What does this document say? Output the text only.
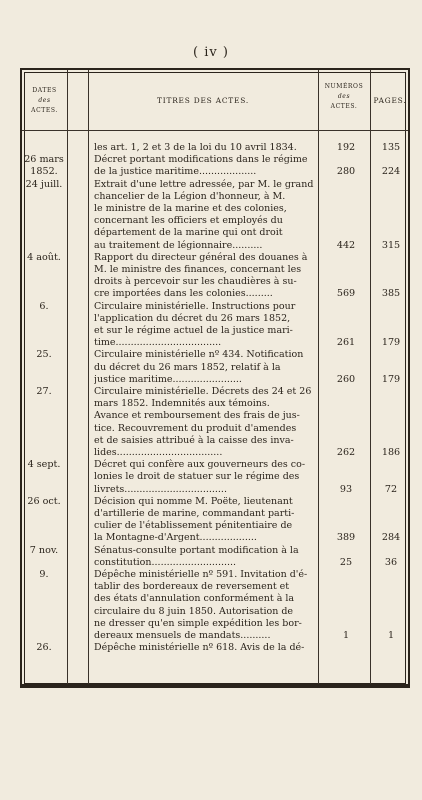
( iv )
DATES
des
ACTES.
TITRES DES ACTES.
NUMÉROS
des
ACTES.
PAGES.
les art. 1, 2 et 3 de la loi du 10 avril 1834.	192	135
26 mars	Décret portant modifications dans le régime
1852.	de la justice maritime...................	280	224
24 juill.	Extrait d'une lettre adressée, par M. le grand
chancelier de la Légion d'honneur, à M.
le ministre de la marine et des colonies,
concernant les officiers et employés du
département de la marine qui ont droit
au traitement de légionnaire..........	442	315
4 août.	Rapport du directeur général des douanes à
M. le ministre des finances, concernant les
droits à percevoir sur les chaudières à su-
cre importées dans les colonies.........	569	385
6.	Circulaire ministérielle. Instructions pour
l'application du décret du 26 mars 1852,
et sur le régime actuel de la justice mari-
time...................................	261	179
25.	Circulaire ministérielle nº 434. Notification
du décret du 26 mars 1852, relatif à la
justice maritime.......................	260	179
27.	Circulaire ministérielle. Décrets des 24 et 26
mars 1852. Indemnités aux témoins.
Avance et remboursement des frais de jus-
tice. Recouvrement du produit d'amendes
et de saisies attribué à la caisse des inva-
lides...................................	262	186
4 sept.	Décret qui confère aux gouverneurs des co-
lonies le droit de statuer sur le régime des
livrets..................................	93	72
26 oct.	Décision qui nomme M. Poëte, lieutenant
d'artillerie de marine, commandant parti-
culier de l'établissement pénitentiaire de
la Montagne-d'Argent...................	389	284
7 nov.	Sénatus-consulte portant modification à la
constitution............................	25	36
9.	Dépêche ministérielle nº 591. Invitation d'é-
tablir des bordereaux de reversement et
des états d'annulation conformément à la
circulaire du 8 juin 1850. Autorisation de
ne dresser qu'en simple expédition les bor-
dereaux mensuels de mandats..........	1	1
26.	Dépêche ministérielle nº 618. Avis de la dé-
